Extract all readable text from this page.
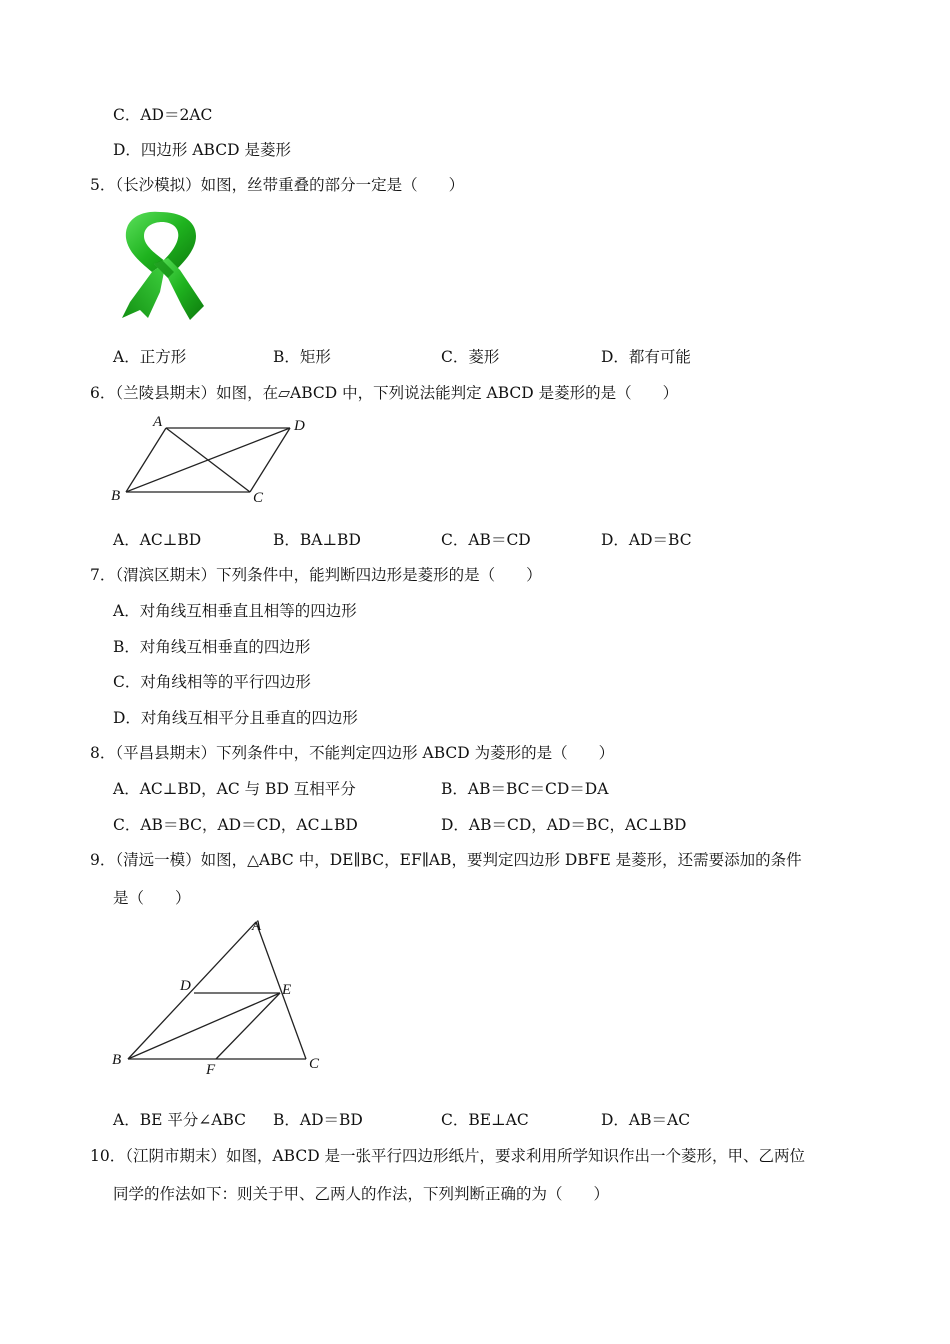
C．AD＝2AC
D．四边形 ABCD 是菱形
5．（长沙模拟）如图，丝带重叠的部分一定是（　　）
A．正方形	B．矩形	C．菱形	D．都有可能
6．（兰陵县期末）如图，在▱ABCD 中，下列说法能判定 ABCD 是菱形的是（　　）
A	D
B	C
A．AC⊥BD	B．BA⊥BD	C．AB＝CD	D．AD＝BC
7．（渭滨区期末）下列条件中，能判断四边形是菱形的是（　　）
A．对角线互相垂直且相等的四边形
B．对角线互相垂直的四边形
C．对角线相等的平行四边形
D．对角线互相平分且垂直的四边形
8．（平昌县期末）下列条件中，不能判定四边形 ABCD 为菱形的是（　　）
A．AC⊥BD，AC 与 BD 互相平分	B．AB＝BC＝CD＝DA
C．AB＝BC，AD＝CD，AC⊥BD	D．AB＝CD，AD＝BC，AC⊥BD
9．（清远一模）如图，△ABC 中，DE∥BC，EF∥AB，要判定四边形 DBFE 是菱形，还需要添加的条件
是（　　）
A
D	E
B
F	C
A．BE 平分∠ABC B．AD＝BD	C．BE⊥AC	D．AB＝AC
10．（江阴市期末）如图，ABCD 是一张平行四边形纸片，要求利用所学知识作出一个菱形，甲、乙两位
同学的作法如下：则关于甲、乙两人的作法，下列判断正确的为（　　）
